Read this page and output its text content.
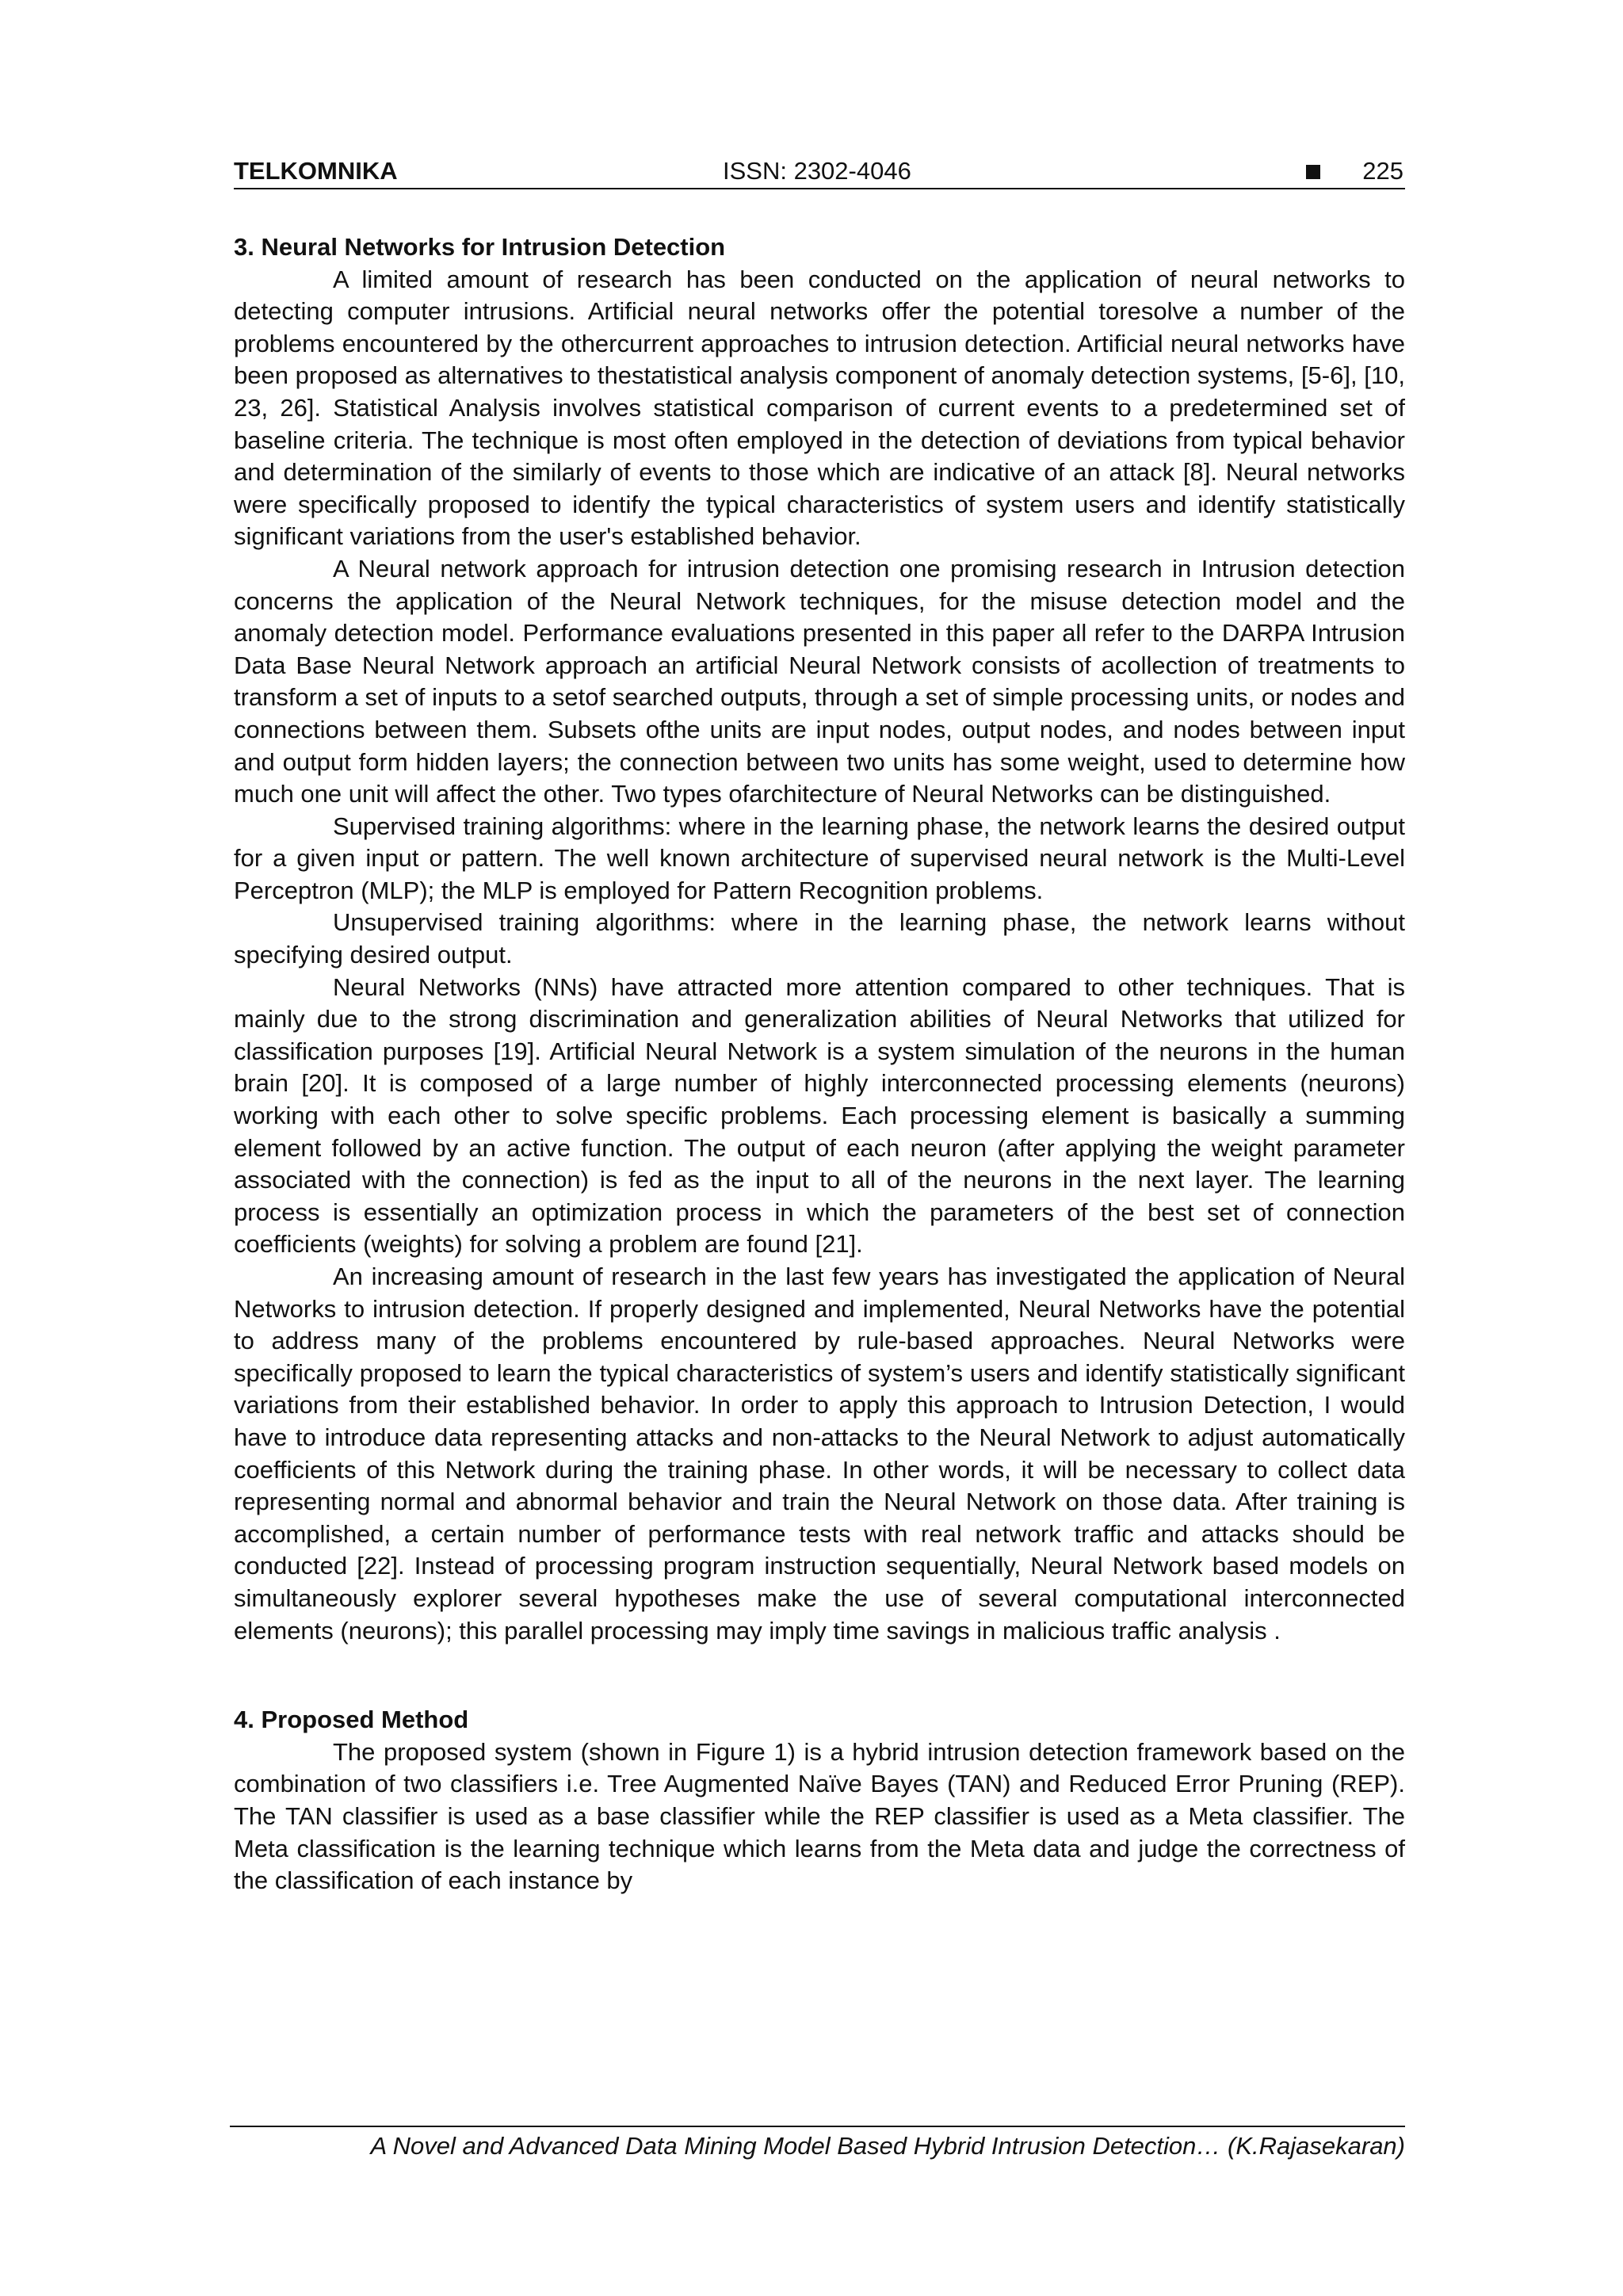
TELKOMNIKA	ISSN: 2302-4046	225
3. Neural Networks for Intrusion Detection

A limited amount of research has been conducted on the application of neural networks to detecting computer intrusions. Artificial neural networks offer the potential toresolve a number of the problems encountered by the othercurrent approaches to intrusion detection. Artificial neural networks have been proposed as alternatives to thestatistical analysis component of anomaly detection systems, [5-6], [10, 23, 26]. Statistical Analysis involves statistical comparison of current events to a predetermined set of baseline criteria. The technique is most often employed in the detection of deviations from typical behavior and determination of the similarly of events to those which are indicative of an attack [8]. Neural networks were specifically proposed to identify the typical characteristics of system users and identify statistically significant variations from the user's established behavior.

A Neural network approach for intrusion detection one promising research in Intrusion detection concerns the application of the Neural Network techniques, for the misuse detection model and the anomaly detection model. Performance evaluations presented in this paper all refer to the DARPA Intrusion Data Base Neural Network approach an artificial Neural Network consists of acollection of treatments to transform a set of inputs to a setof searched outputs, through a set of simple processing units, or nodes and connections between them. Subsets ofthe units are input nodes, output nodes, and nodes between input and output form hidden layers; the connection between two units has some weight, used to determine how much one unit will affect the other. Two types ofarchitecture of Neural Networks can be distinguished.

Supervised training algorithms: where in the learning phase, the network learns the desired output for a given input or pattern. The well known architecture of supervised neural network is the Multi-Level Perceptron (MLP); the MLP is employed for Pattern Recognition problems.

Unsupervised training algorithms: where in the learning phase, the network learns without specifying desired output.

Neural Networks (NNs) have attracted more attention compared to other techniques. That is mainly due to the strong discrimination and generalization abilities of Neural Networks that utilized for classification purposes [19]. Artificial Neural Network is a system simulation of the neurons in the human brain [20]. It is composed of a large number of highly interconnected processing elements (neurons) working with each other to solve specific problems. Each processing element is basically a summing element followed by an active function. The output of each neuron (after applying the weight parameter associated with the connection) is fed as the input to all of the neurons in the next layer. The learning process is essentially an optimization process in which the parameters of the best set of connection coefficients (weights) for solving a problem are found [21].

An increasing amount of research in the last few years has investigated the application of Neural Networks to intrusion detection. If properly designed and implemented, Neural Networks have the potential to address many of the problems encountered by rule-based approaches. Neural Networks were specifically proposed to learn the typical characteristics of system’s users and identify statistically significant variations from their established behavior. In order to apply this approach to Intrusion Detection, I would have to introduce data representing attacks and non-attacks to the Neural Network to adjust automatically coefficients of this Network during the training phase. In other words, it will be necessary to collect data representing normal and abnormal behavior and train the Neural Network on those data. After training is accomplished, a certain number of performance tests with real network traffic and attacks should be conducted [22]. Instead of processing program instruction sequentially, Neural Network based models on simultaneously explorer several hypotheses make the use of several computational interconnected elements (neurons); this parallel processing may imply time savings in malicious traffic analysis .

4. Proposed Method

The proposed system (shown in Figure 1) is a hybrid intrusion detection framework based on the combination of two classifiers i.e. Tree Augmented Naïve Bayes (TAN) and Reduced Error Pruning (REP). The TAN classifier is used as a base classifier while the REP classifier is used as a Meta classifier. The Meta classification is the learning technique which learns from the Meta data and judge the correctness of the classification of each instance by

A Novel and Advanced Data Mining Model Based Hybrid Intrusion Detection… (K.Rajasekaran)
